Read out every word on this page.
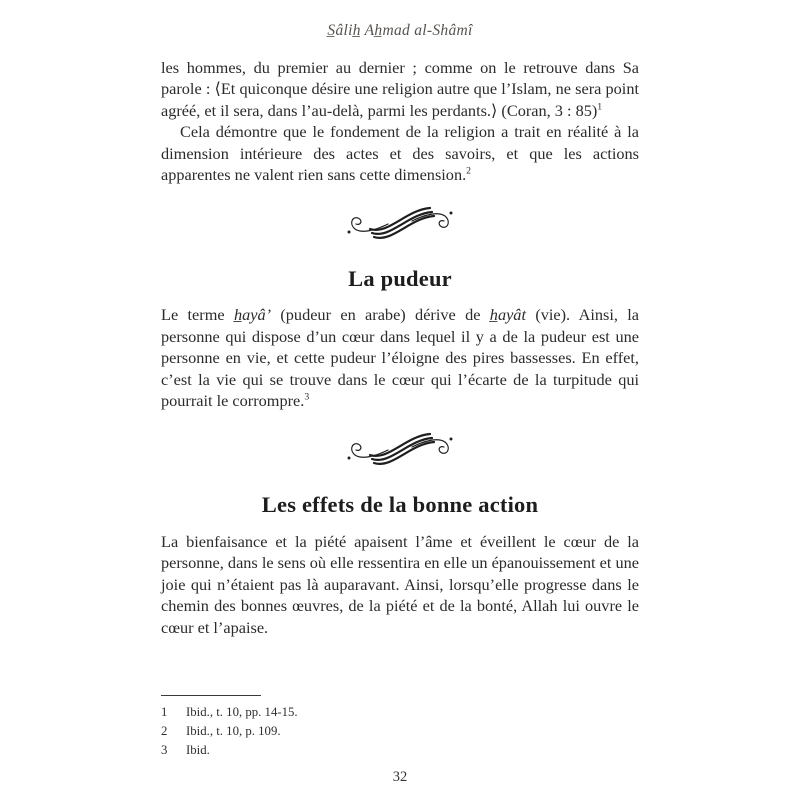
S̲âlih̲ Ah̲mad al-Shâmî

les hommes, du premier au dernier ; comme on le retrouve dans Sa parole : ⟨Et quiconque désire une religion autre que l’Islam, ne sera point agréé, et il sera, dans l’au-delà, parmi les perdants.⟩ (Coran, 3 : 85)$^1$

Cela démontre que le fondement de la religion a trait en réalité à la dimension intérieure des actes et des savoirs, et que les actions apparentes ne valent rien sans cette dimension.$^2$

La pudeur

Le terme h̲ayâ’ (pudeur en arabe) dérive de h̲ayât (vie). Ainsi, la personne qui dispose d’un cœur dans lequel il y a de la pudeur est une personne en vie, et cette pudeur l’éloigne des pires bassesses. En effet, c’est la vie qui se trouve dans le cœur qui l’écarte de la turpitude qui pourrait le corrompre.$^3$

Les effets de la bonne action

La bienfaisance et la piété apaisent l’âme et éveillent le cœur de la personne, dans le sens où elle ressentira en elle un épanouissement et une joie qui n’étaient pas là auparavant. Ainsi, lorsqu’elle progresse dans le chemin des bonnes œuvres, de la piété et de la bonté, Allah lui ouvre le cœur et l’apaise.

1	Ibid., t. 10, pp. 14-15.
2	Ibid., t. 10, p. 109.
3	Ibid.
32
